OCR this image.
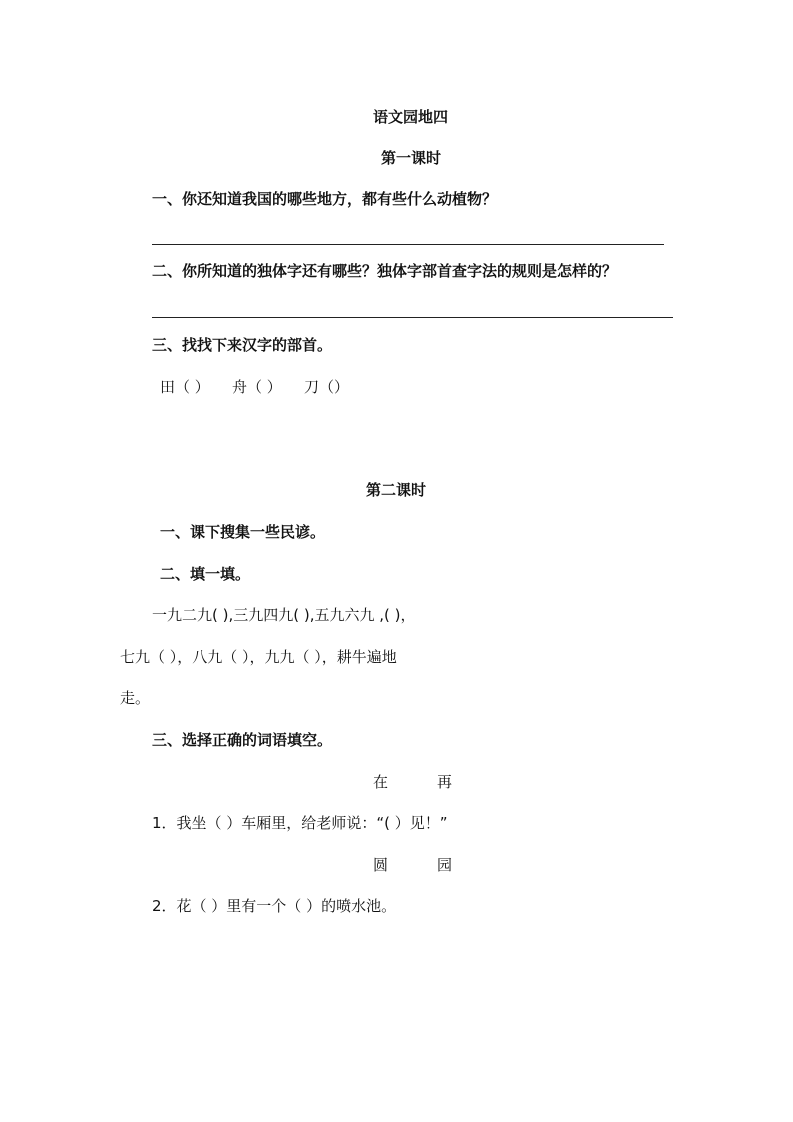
语文园地四
第一课时
一、你还知道我国的哪些地方，都有些什么动植物？
二、你所知道的独体字还有哪些？独体字部首查字法的规则是怎样的？
三、找找下来汉字的部首。
田（ ） 舟（ ） 刀（）
第二课时
一、课下搜集一些民谚。
二、填一填。
一九二九( ),三九四九( ),五九六九 ,( )，
七九（ ），八九（ ），九九（ ），耕牛遍地
走。
三、选择正确的词语填空。
在	再
1．我坐（ ）车厢里，给老师说：“( ）见！”
圆	园
2．花（ ）里有一个（ ）的喷水池。
